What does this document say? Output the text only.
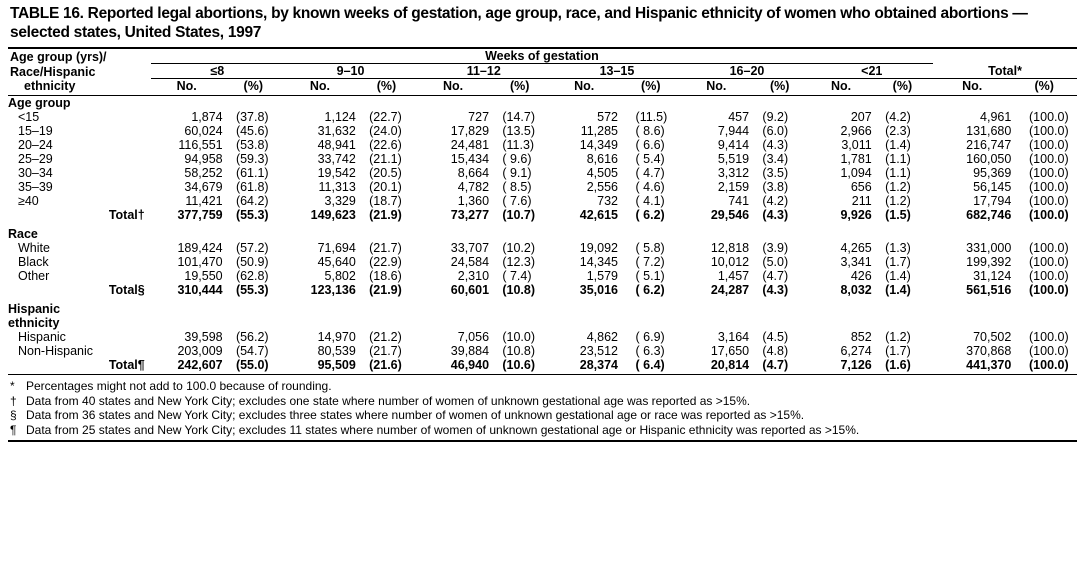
TABLE 16. Reported legal abortions, by known weeks of gestation, age group, race, and Hispanic ethnicity of women who obtained abortions — selected states, United States, 1997
Age group (yrs)/	Weeks of gestation													
Race/Hispanic	≤8		9–10		11–12		13–15		16–20		<21		Total*	
ethnicity	No.	(%)	No.	(%)	No.	(%)	No.	(%)	No.	(%)	No.	(%)	No.	(%)

Age group														
<15	1,874	(37.8)	1,124	(22.7)	727	(14.7)	572	(11.5)	457	(9.2)	207	(4.2)	4,961	(100.0)
15–19	60,024	(45.6)	31,632	(24.0)	17,829	(13.5)	11,285	( 8.6)	7,944	(6.0)	2,966	(2.3)	131,680	(100.0)
20–24	116,551	(53.8)	48,941	(22.6)	24,481	(11.3)	14,349	( 6.6)	9,414	(4.3)	3,011	(1.4)	216,747	(100.0)
25–29	94,958	(59.3)	33,742	(21.1)	15,434	( 9.6)	8,616	( 5.4)	5,519	(3.4)	1,781	(1.1)	160,050	(100.0)
30–34	58,252	(61.1)	19,542	(20.5)	8,664	( 9.1)	4,505	( 4.7)	3,312	(3.5)	1,094	(1.1)	95,369	(100.0)
35–39	34,679	(61.8)	11,313	(20.1)	4,782	( 8.5)	2,556	( 4.6)	2,159	(3.8)	656	(1.2)	56,145	(100.0)
≥40	11,421	(64.2)	3,329	(18.7)	1,360	( 7.6)	732	( 4.1)	741	(4.2)	211	(1.2)	17,794	(100.0)
Total†	377,759	(55.3)	149,623	(21.9)	73,277	(10.7)	42,615	( 6.2)	29,546	(4.3)	9,926	(1.5)	682,746	(100.0)

Race														
White	189,424	(57.2)	71,694	(21.7)	33,707	(10.2)	19,092	( 5.8)	12,818	(3.9)	4,265	(1.3)	331,000	(100.0)
Black	101,470	(50.9)	45,640	(22.9)	24,584	(12.3)	14,345	( 7.2)	10,012	(5.0)	3,341	(1.7)	199,392	(100.0)
Other	19,550	(62.8)	5,802	(18.6)	2,310	( 7.4)	1,579	( 5.1)	1,457	(4.7)	426	(1.4)	31,124	(100.0)
Total§	310,444	(55.3)	123,136	(21.9)	60,601	(10.8)	35,016	( 6.2)	24,287	(4.3)	8,032	(1.4)	561,516	(100.0)

Hispanic														
ethnicity														
Hispanic	39,598	(56.2)	14,970	(21.2)	7,056	(10.0)	4,862	( 6.9)	3,164	(4.5)	852	(1.2)	70,502	(100.0)
Non-Hispanic	203,009	(54.7)	80,539	(21.7)	39,884	(10.8)	23,512	( 6.3)	17,650	(4.8)	6,274	(1.7)	370,868	(100.0)
Total¶	242,607	(55.0)	95,509	(21.6)	46,940	(10.6)	28,374	( 6.4)	20,814	(4.7)	7,126	(1.6)	441,370	(100.0)
* Percentages might not add to 100.0 because of rounding.
† Data from 40 states and New York City; excludes one state where number of women of unknown gestational age was reported as >15%.
§ Data from 36 states and New York City; excludes three states where number of women of unknown gestational age or race was reported as >15%.
¶ Data from 25 states and New York City; excludes 11 states where number of women of unknown gestational age or Hispanic ethnicity was reported as >15%.
